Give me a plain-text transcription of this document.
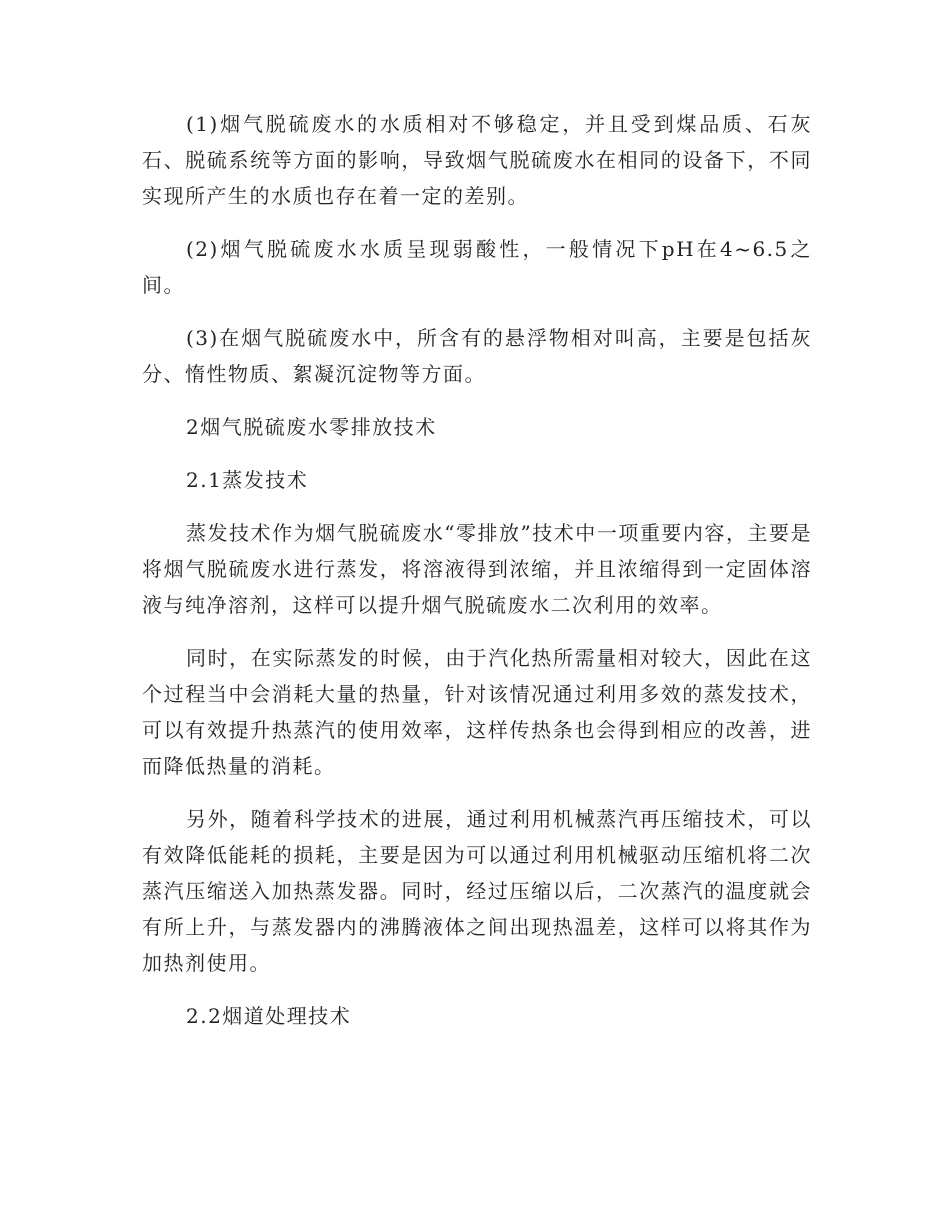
(1)烟气脱硫废水的水质相对不够稳定，并且受到煤品质、石灰石、脱硫系统等方面的影响，导致烟气脱硫废水在相同的设备下，不同实现所产生的水质也存在着一定的差别。

(2)烟气脱硫废水水质呈现弱酸性，一般情况下pH在4~6.5之间。

(3)在烟气脱硫废水中，所含有的悬浮物相对叫高，主要是包括灰分、惰性物质、絮凝沉淀物等方面。

2烟气脱硫废水零排放技术

2.1蒸发技术

蒸发技术作为烟气脱硫废水“零排放”技术中一项重要内容，主要是将烟气脱硫废水进行蒸发，将溶液得到浓缩，并且浓缩得到一定固体溶液与纯净溶剂，这样可以提升烟气脱硫废水二次利用的效率。

同时，在实际蒸发的时候，由于汽化热所需量相对较大，因此在这个过程当中会消耗大量的热量，针对该情况通过利用多效的蒸发技术，可以有效提升热蒸汽的使用效率，这样传热条也会得到相应的改善，进而降低热量的消耗。

另外，随着科学技术的进展，通过利用机械蒸汽再压缩技术，可以有效降低能耗的损耗，主要是因为可以通过利用机械驱动压缩机将二次蒸汽压缩送入加热蒸发器。同时，经过压缩以后，二次蒸汽的温度就会有所上升，与蒸发器内的沸腾液体之间出现热温差，这样可以将其作为加热剂使用。

2.2烟道处理技术
